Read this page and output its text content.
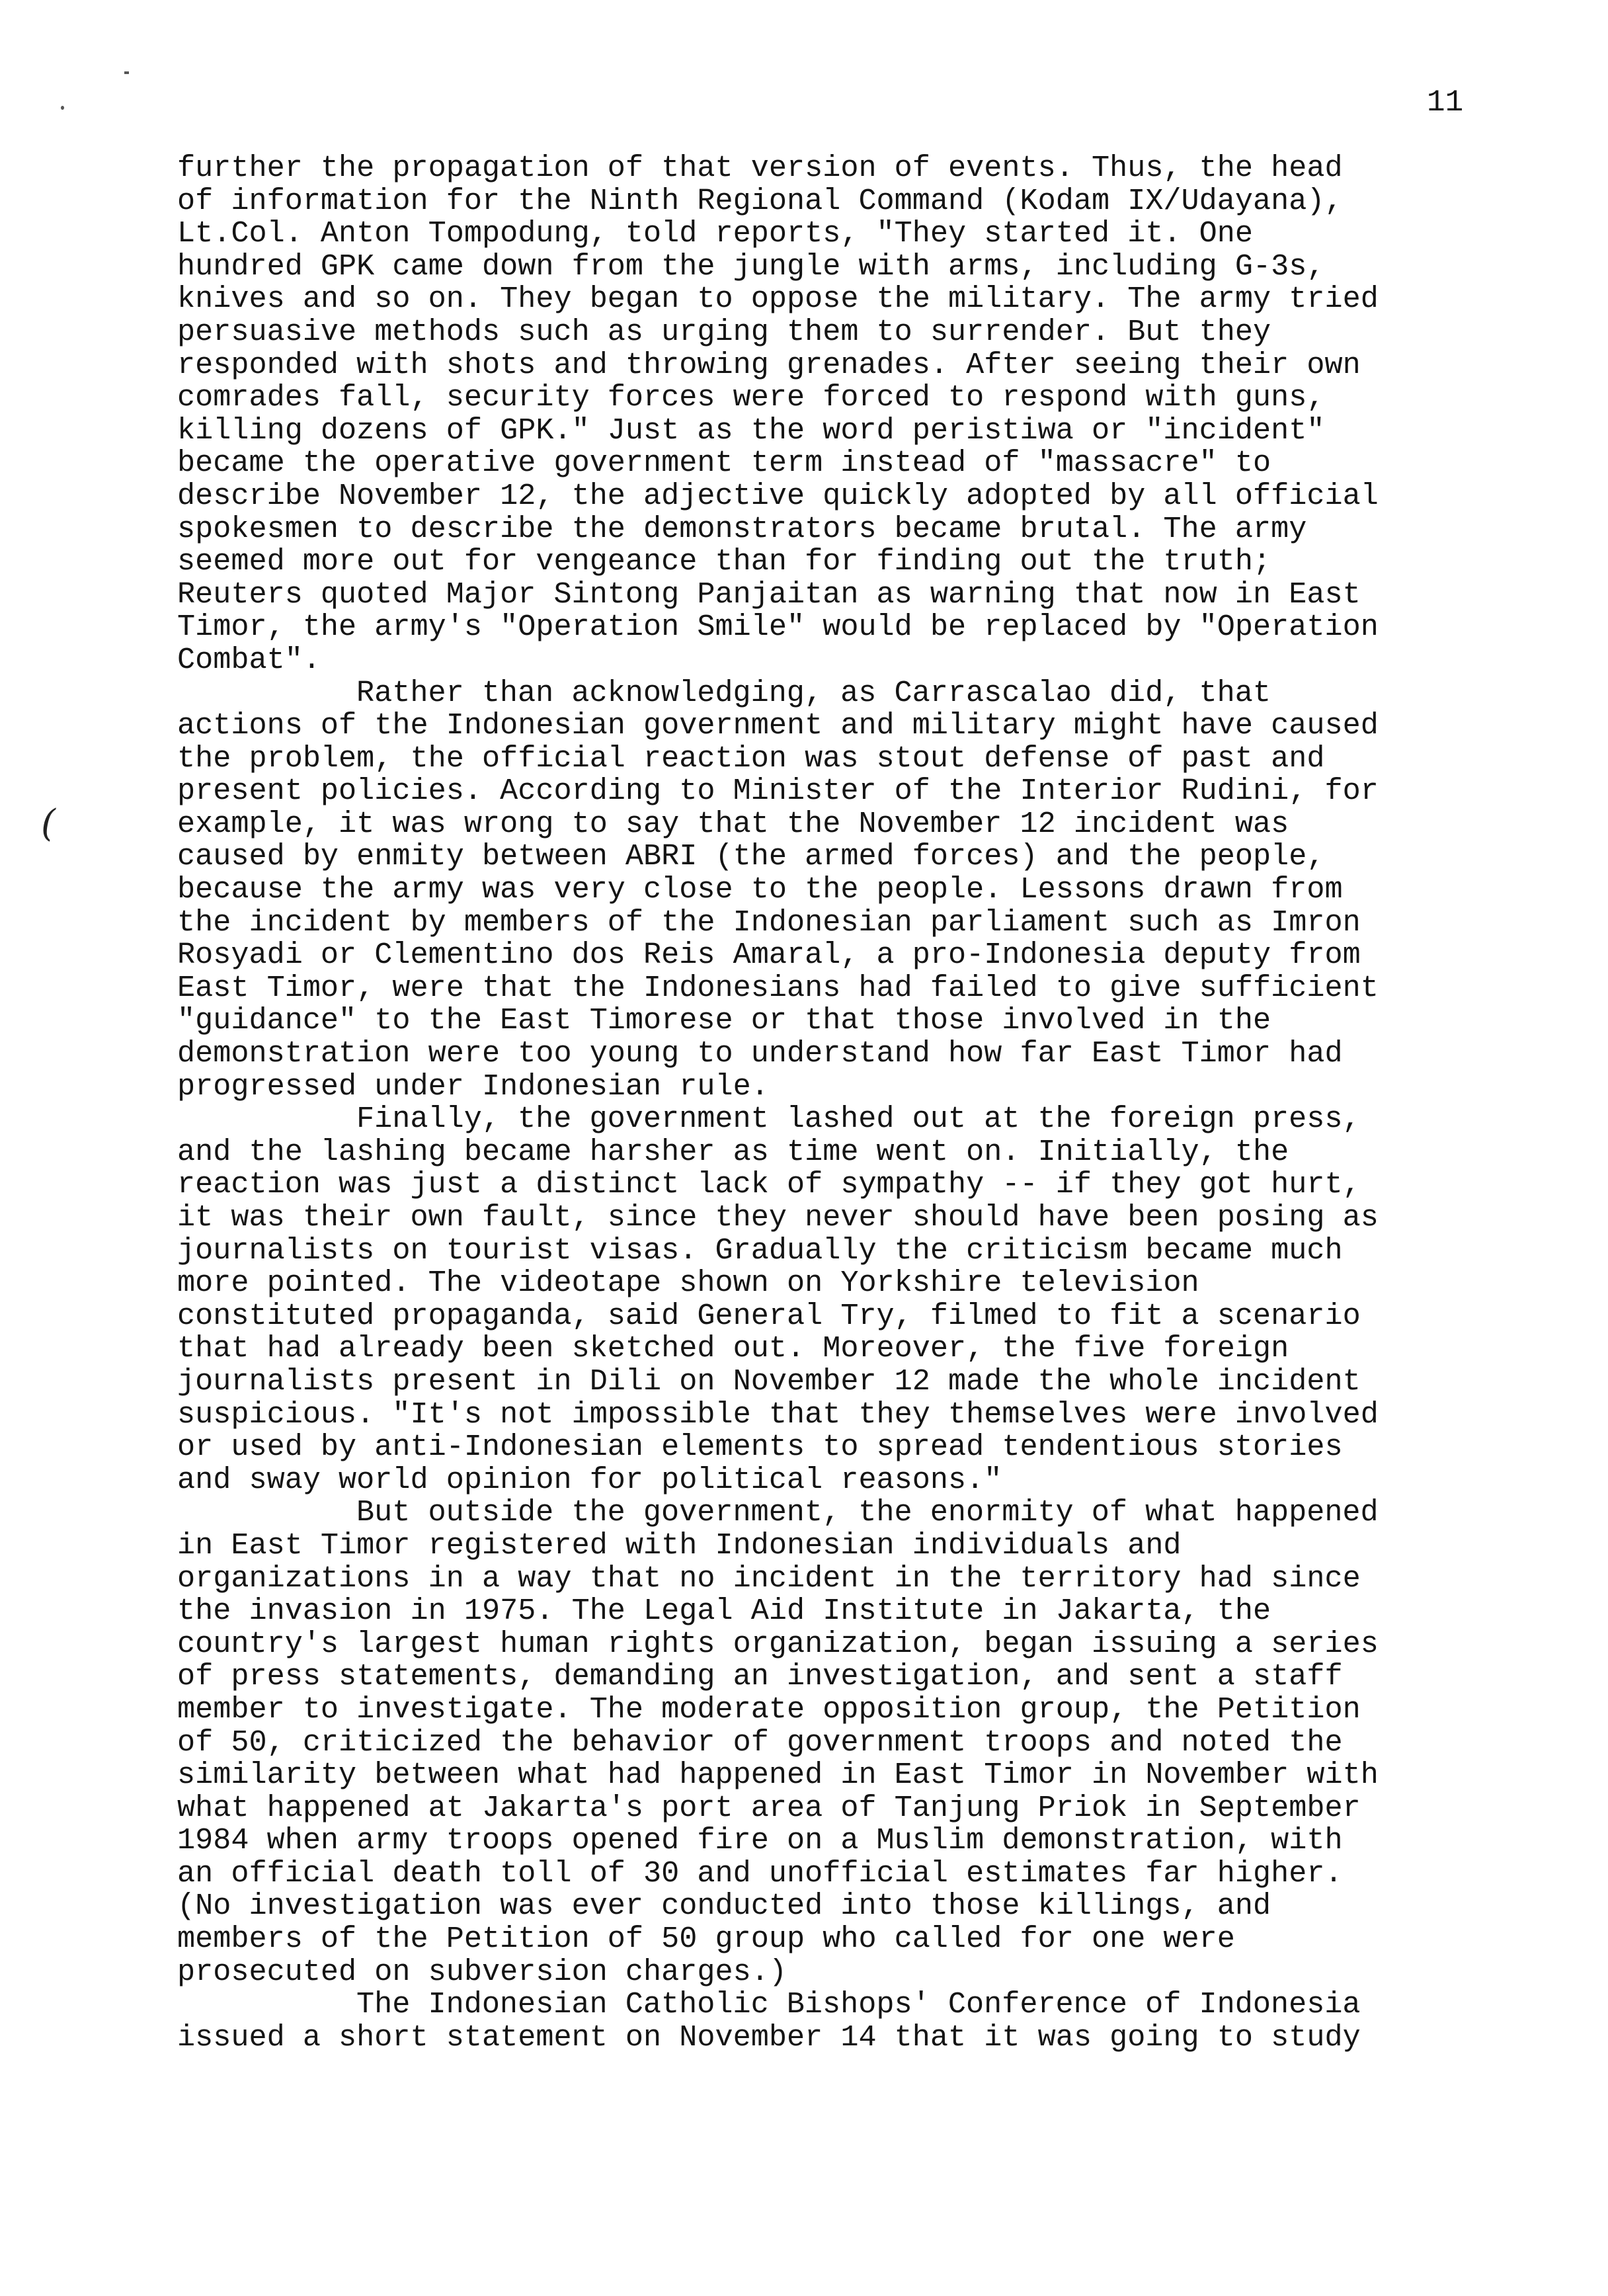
(
11
further the propagation of that version of events. Thus, the head
of information for the Ninth Regional Command (Kodam IX/Udayana),
Lt.Col. Anton Tompodung, told reports, "They started it. One
hundred GPK came down from the jungle with arms, including G-3s,
knives and so on. They began to oppose the military. The army tried
persuasive methods such as urging them to surrender. But they
responded with shots and throwing grenades. After seeing their own
comrades fall, security forces were forced to respond with guns,
killing dozens of GPK." Just as the word peristiwa or "incident"
became the operative government term instead of "massacre" to
describe November 12, the adjective quickly adopted by all official
spokesmen to describe the demonstrators became brutal. The army
seemed more out for vengeance than for finding out the truth;
Reuters quoted Major Sintong Panjaitan as warning that now in East
Timor, the army's "Operation Smile" would be replaced by "Operation
Combat".
Rather than acknowledging, as Carrascalao did, that
actions of the Indonesian government and military might have caused
the problem, the official reaction was stout defense of past and
present policies. According to Minister of the Interior Rudini, for
example, it was wrong to say that the November 12 incident was
caused by enmity between ABRI (the armed forces) and the people,
because the army was very close to the people. Lessons drawn from
the incident by members of the Indonesian parliament such as Imron
Rosyadi or Clementino dos Reis Amaral, a pro-Indonesia deputy from
East Timor, were that the Indonesians had failed to give sufficient
"guidance" to the East Timorese or that those involved in the
demonstration were too young to understand how far East Timor had
progressed under Indonesian rule.
Finally, the government lashed out at the foreign press,
and the lashing became harsher as time went on. Initially, the
reaction was just a distinct lack of sympathy -- if they got hurt,
it was their own fault, since they never should have been posing as
journalists on tourist visas. Gradually the criticism became much
more pointed. The videotape shown on Yorkshire television
constituted propaganda, said General Try, filmed to fit a scenario
that had already been sketched out. Moreover, the five foreign
journalists present in Dili on November 12 made the whole incident
suspicious. "It's not impossible that they themselves were involved
or used by anti-Indonesian elements to spread tendentious stories
and sway world opinion for political reasons."
But outside the government, the enormity of what happened
in East Timor registered with Indonesian individuals and
organizations in a way that no incident in the territory had since
the invasion in 1975. The Legal Aid Institute in Jakarta, the
country's largest human rights organization, began issuing a series
of press statements, demanding an investigation, and sent a staff
member to investigate. The moderate opposition group, the Petition
of 50, criticized the behavior of government troops and noted the
similarity between what had happened in East Timor in November with
what happened at Jakarta's port area of Tanjung Priok in September
1984 when army troops opened fire on a Muslim demonstration, with
an official death toll of 30 and unofficial estimates far higher.
(No investigation was ever conducted into those killings, and
members of the Petition of 50 group who called for one were
prosecuted on subversion charges.)
The Indonesian Catholic Bishops' Conference of Indonesia
issued a short statement on November 14 that it was going to study
